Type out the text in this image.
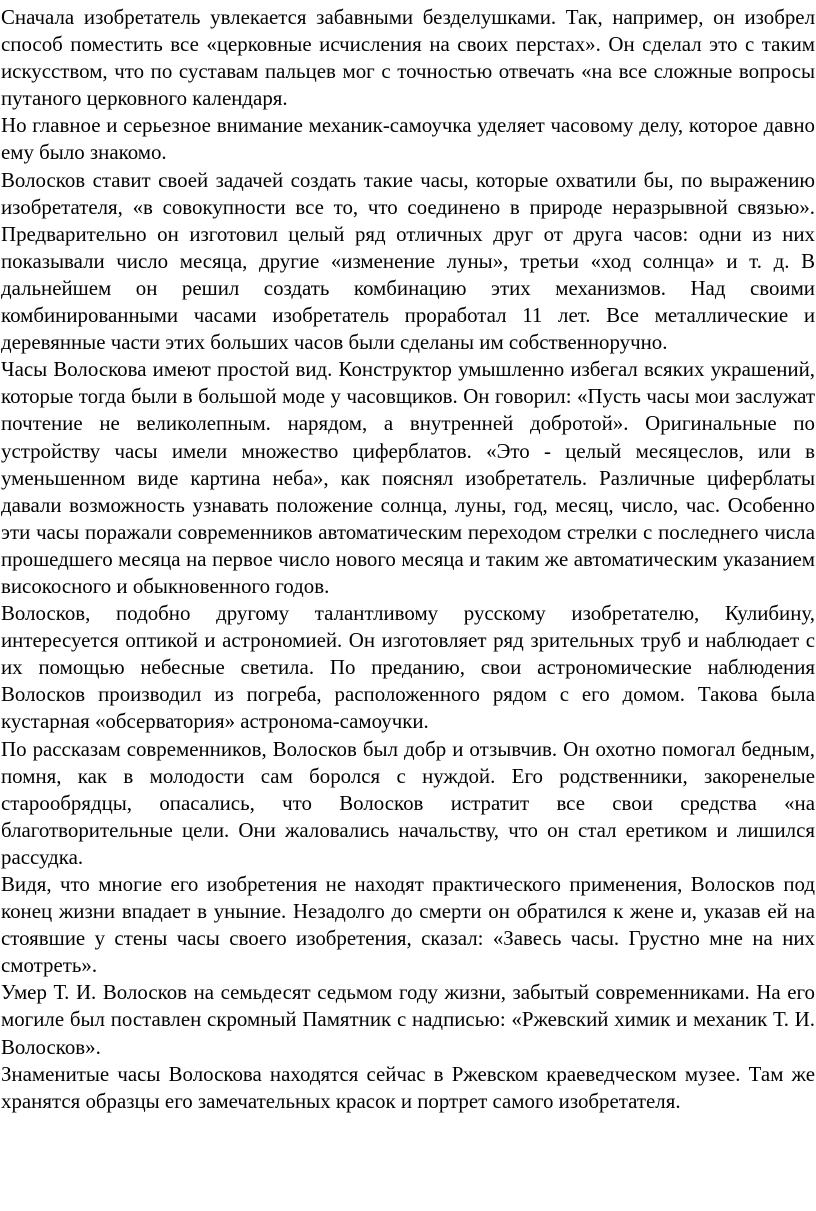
Сначала изобретатель увлекается забавными безделушками. Так, например, он изобрел способ поместить все «церковные исчисления на своих перстах». Он сделал это с таким искусством, что по суставам пальцев мог с точностью отвечать «на все сложные вопросы путаного церковного календаря.

Но главное и серьезное внимание механик-самоучка уделяет часовому делу, которое давно ему было знакомо.

Волосков ставит своей задачей создать такие часы, которые охватили бы, по выражению изобретателя, «в совокупности все то, что соединено в природе неразрывной связью». Предварительно он изготовил целый ряд отличных друг от друга часов: одни из них показывали число месяца, другие «изменение луны», третьи «ход солнца» и т. д. В дальнейшем он решил создать комбинацию этих механизмов. Над своими комбинированными часами изобретатель проработал 11 лет. Все металлические и деревянные части этих больших часов были сделаны им собственноручно.

Часы Волоскова имеют простой вид. Конструктор умышленно избегал всяких украшений, которые тогда были в большой моде у часовщиков. Он говорил: «Пусть часы мои заслужат почтение не великолепным. нарядом, а внутренней добротой». Оригинальные по устройству часы имели множество циферблатов. «Это - целый месяцеслов, или в уменьшенном виде картина неба», как пояснял изобретатель. Различные циферблаты давали возможность узнавать положение солнца, луны, год, месяц, число, час. Особенно эти часы поражали современников автоматическим переходом стрелки с последнего числа прошедшего месяца на первое число нового месяца и таким же автоматическим указанием високосного и обыкновенного годов.

Волосков, подобно другому талантливому русскому изобретателю, Кулибину, интересуется оптикой и астрономией. Он изготовляет ряд зрительных труб и наблюдает с их помощью небесные светила. По преданию, свои астрономические наблюдения Волосков производил из погреба, расположенного рядом с его домом. Такова была кустарная «обсерватория» астронома-самоучки.

По рассказам современников, Волосков был добр и отзывчив. Он охотно помогал бедным, помня, как в молодости сам боролся с нуждой. Его родственники, закоренелые старообрядцы, опасались, что Волосков истратит все свои средства «на благотворительные цели. Они жаловались начальству, что он стал еретиком и лишился рассудка.

Видя, что многие его изобретения не находят практического применения, Волосков под конец жизни впадает в уныние. Незадолго до смерти он обратился к жене и, указав ей на стоявшие у стены часы своего изобретения, сказал: «Завесь часы. Грустно мне на них смотреть».

Умер Т. И. Волосков на семьдесят седьмом году жизни, забытый современниками. На его могиле был поставлен скромный Памятник с надписью: «Ржевский химик и механик Т. И. Волосков».

Знаменитые часы Волоскова находятся сейчас в Ржевском краеведческом музее. Там же хранятся образцы его замечательных красок и портрет самого изобретателя.
